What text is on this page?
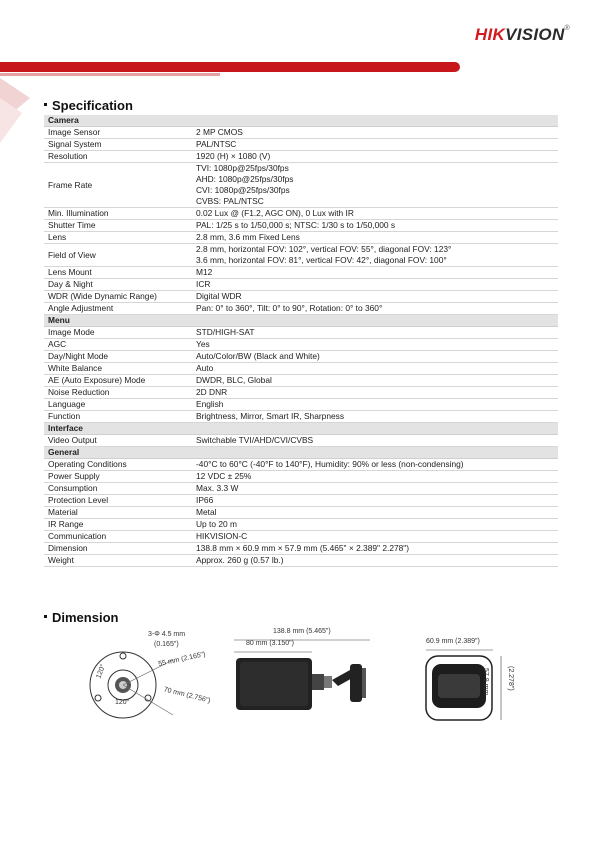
HIKVISION®
Specification
Camera	
Image Sensor	2 MP CMOS
Signal System	PAL/NTSC
Resolution	1920 (H) × 1080 (V)
Frame Rate	TVI: 1080p@25fps/30fps
AHD: 1080p@25fps/30fps
CVI: 1080p@25fps/30fps
CVBS: PAL/NTSC

Min. Illumination	0.02 Lux @ (F1.2, AGC ON), 0 Lux with IR
Shutter Time	PAL: 1/25 s to 1/50,000 s; NTSC: 1/30 s to 1/50,000 s
Lens	2.8 mm, 3.6 mm Fixed Lens
Field of View	2.8 mm, horizontal FOV: 102°, vertical FOV: 55°, diagonal FOV: 123°
3.6 mm, horizontal FOV: 81°, vertical FOV: 42°, diagonal FOV: 100°

Lens Mount	M12
Day & Night	ICR
WDR (Wide Dynamic Range)	Digital WDR
Angle Adjustment	Pan: 0° to 360°, Tilt: 0° to 90°, Rotation: 0° to 360°
Menu	
Image Mode	STD/HIGH-SAT
AGC	Yes
Day/Night Mode	Auto/Color/BW (Black and White)
White Balance	Auto
AE (Auto Exposure) Mode	DWDR, BLC, Global
Noise Reduction	2D DNR
Language	English
Function	Brightness, Mirror, Smart IR, Sharpness
Interface	
Video Output	Switchable TVI/AHD/CVI/CVBS
General	
Operating Conditions	-40°C to 60°C (-40°F to 140°F), Humidity: 90% or less (non-condensing)
Power Supply	12 VDC ± 25%
Consumption	Max. 3.3 W
Protection Level	IP66
Material	Metal
IR Range	Up to 20 m
Communication	HIKVISION-C
Dimension	138.8 mm × 60.9 mm × 57.9 mm (5.465" × 2.389" 2.278")
Weight	Approx. 260 g (0.57 lb.)
Dimension
3-Φ 4.5 mm
(0.165")
55 mm (2.165")
70 mm (2.756")
120°
120°
138.8 mm (5.465")
80 mm (3.150")	60.9 mm (2.389")
57.9 mm	(2.278")
